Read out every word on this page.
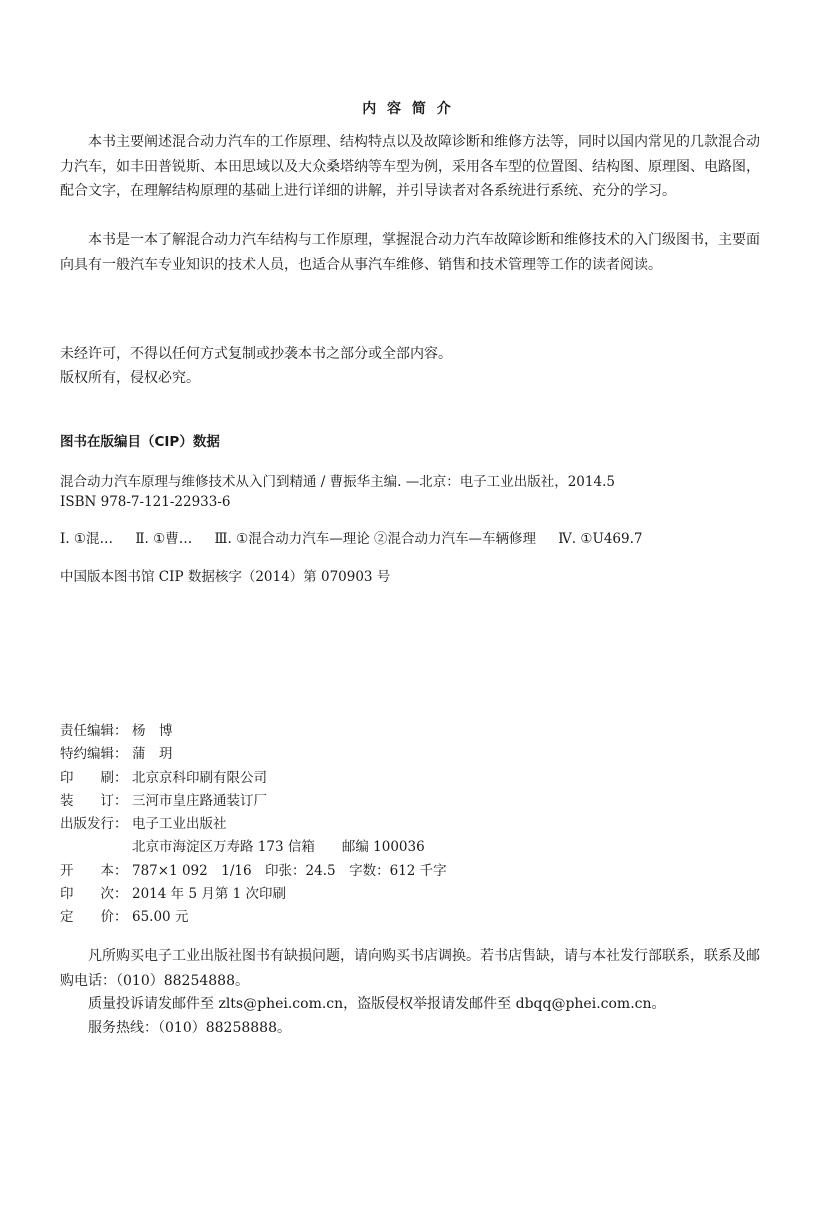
内 容 简 介

本书主要阐述混合动力汽车的工作原理、结构特点以及故障诊断和维修方法等，同时以国内常见的几款混合动力汽车，如丰田普锐斯、本田思域以及大众桑塔纳等车型为例，采用各车型的位置图、结构图、原理图、电路图，配合文字，在理解结构原理的基础上进行详细的讲解，并引导读者对各系统进行系统、充分的学习。

本书是一本了解混合动力汽车结构与工作原理，掌握混合动力汽车故障诊断和维修技术的入门级图书，主要面向具有一般汽车专业知识的技术人员，也适合从事汽车维修、销售和技术管理等工作的读者阅读。

未经许可，不得以任何方式复制或抄袭本书之部分或全部内容。

版权所有，侵权必究。

图书在版编目（CIP）数据

混合动力汽车原理与维修技术从入门到精通 / 曹振华主编. —北京：电子工业出版社，2014.5

ISBN 978-7-121-22933-6

Ⅰ. ①混… Ⅱ. ①曹… Ⅲ. ①混合动力汽车—理论 ②混合动力汽车—车辆修理 Ⅳ. ①U469.7

中国版本图书馆 CIP 数据核字（2014）第 070903 号

责任编辑： 杨　博
特约编辑： 蒲　玥
印　　刷： 北京京科印刷有限公司
装　　订： 三河市皇庄路通装订厂
出版发行： 电子工业出版社
北京市海淀区万寿路 173 信箱　　邮编 100036
开　　本： 787×1 092　1/16　印张：24.5　字数：612 千字
印　　次： 2014 年 5 月第 1 次印刷
定　　价： 65.00 元

凡所购买电子工业出版社图书有缺损问题，请向购买书店调换。若书店售缺，请与本社发行部联系，联系及邮购电话：（010）88254888。

质量投诉请发邮件至 zlts@phei.com.cn，盗版侵权举报请发邮件至 dbqq@phei.com.cn。

服务热线：（010）88258888。
